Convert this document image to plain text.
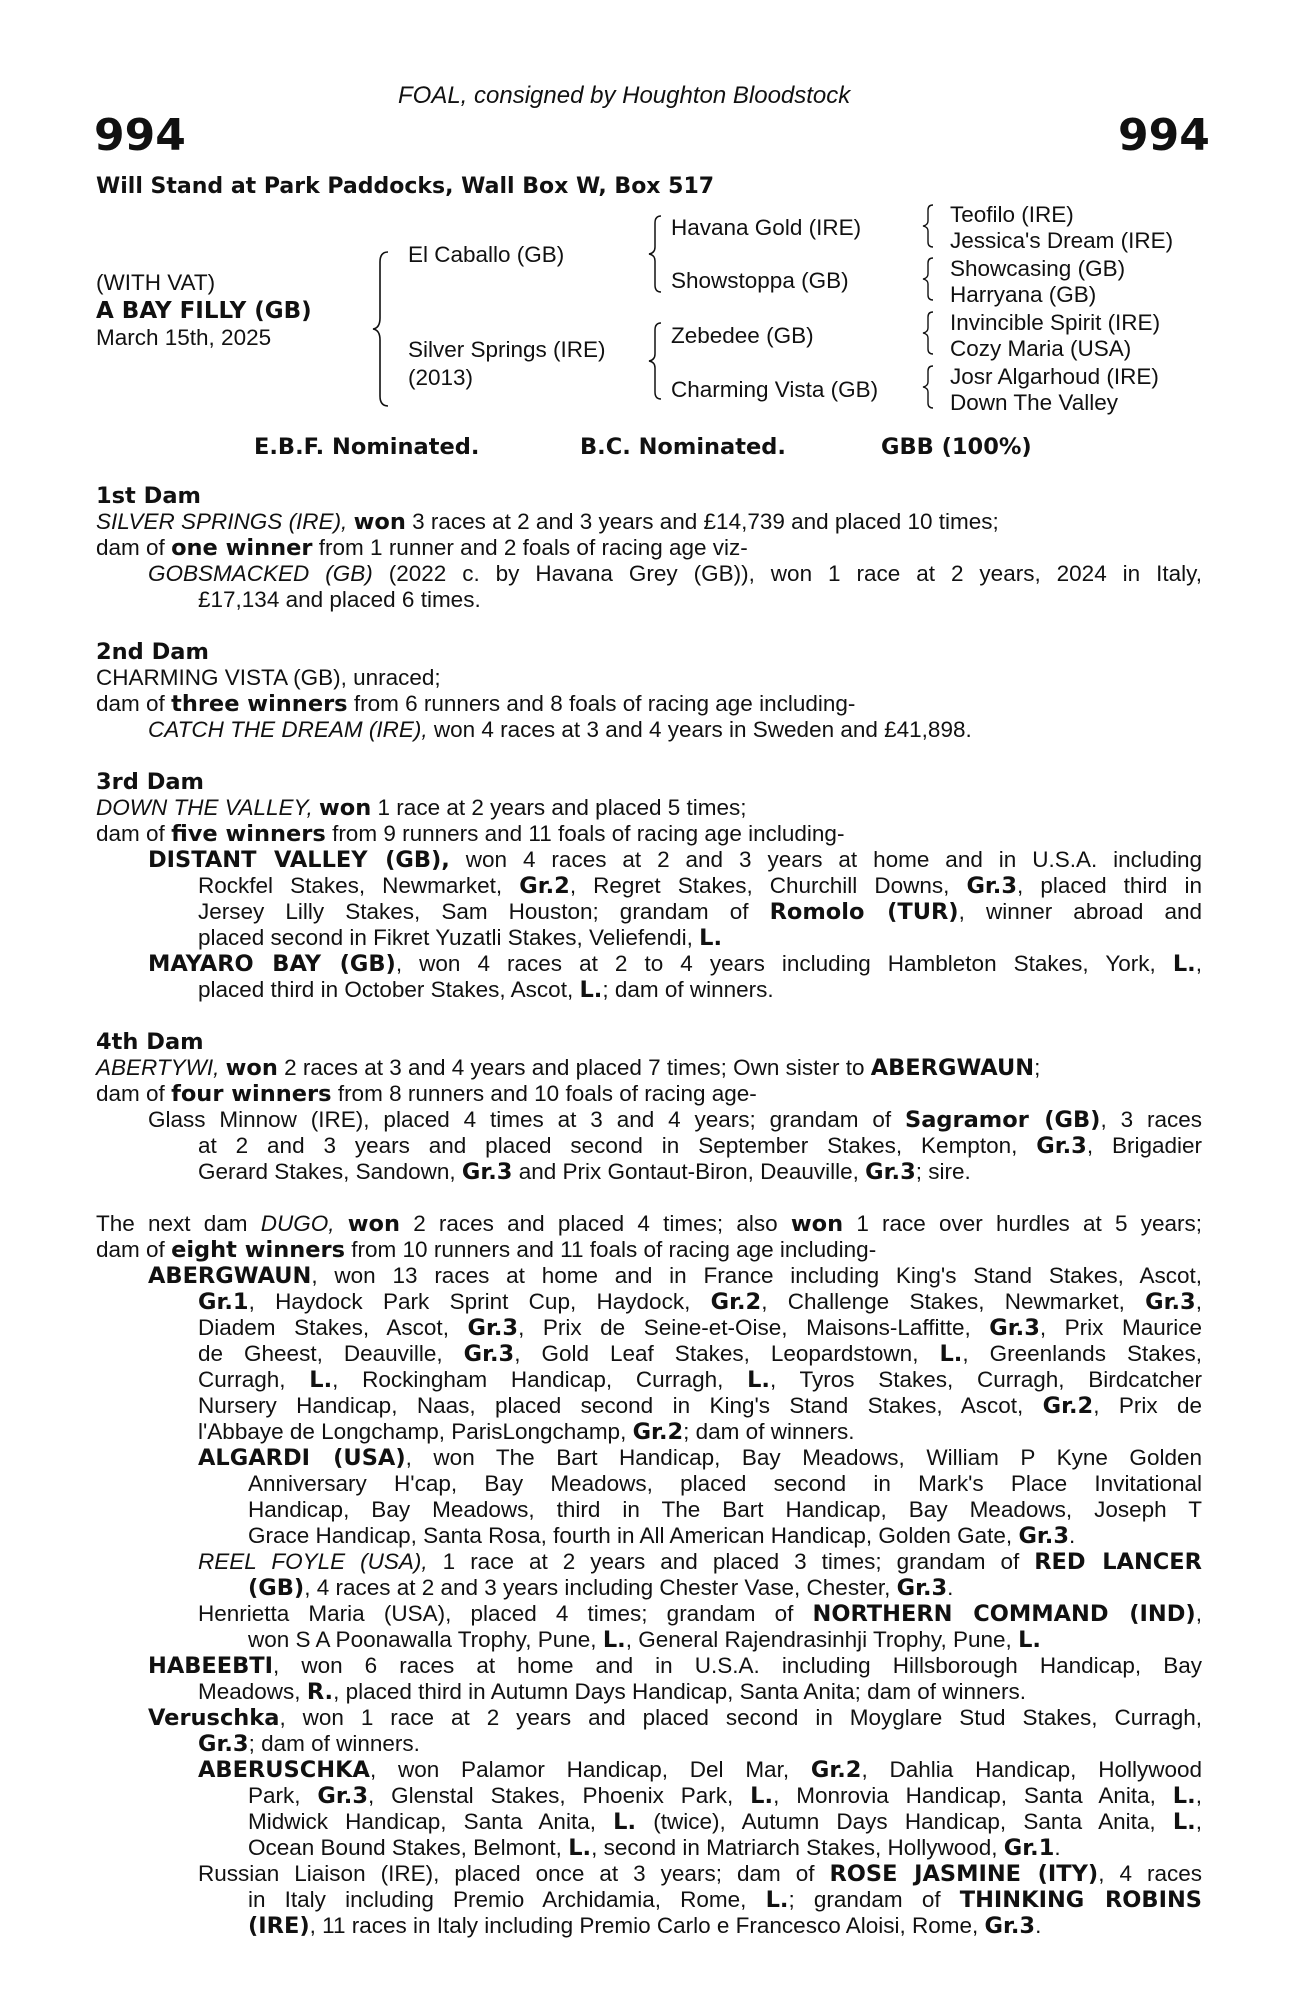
FOAL, consigned by Houghton Bloodstock
994	994
Will Stand at Park Paddocks, Wall Box W, Box 517
(WITH VAT)
A BAY FILLY (GB)
March 15th, 2025
El Caballo (GB)
Silver Springs (IRE)
(2013)
Havana Gold (IRE)
Showstoppa (GB)
Zebedee (GB)
Charming Vista (GB)
Teofilo (IRE)
Jessica's Dream (IRE)
Showcasing (GB)
Harryana (GB)
Invincible Spirit (IRE)
Cozy Maria (USA)
Josr Algarhoud (IRE)
Down The Valley
E.B.F. Nominated.	B.C. Nominated.	GBB (100%)
1st Dam
SILVER SPRINGS (IRE), won 3 races at 2 and 3 years and £14,739 and placed 10 times;
dam of one winner from 1 runner and 2 foals of racing age viz-
GOBSMACKED (GB) (2022 c. by Havana Grey (GB)), won 1 race at 2 years, 2024 in Italy,
£17,134 and placed 6 times.
2nd Dam
CHARMING VISTA (GB), unraced;
dam of three winners from 6 runners and 8 foals of racing age including-
CATCH THE DREAM (IRE), won 4 races at 3 and 4 years in Sweden and £41,898.
3rd Dam
DOWN THE VALLEY, won 1 race at 2 years and placed 5 times;
dam of five winners from 9 runners and 11 foals of racing age including-
DISTANT VALLEY (GB), won 4 races at 2 and 3 years at home and in U.S.A. including
Rockfel Stakes, Newmarket, Gr.2, Regret Stakes, Churchill Downs, Gr.3, placed third in
Jersey Lilly Stakes, Sam Houston; grandam of Romolo (TUR), winner abroad and
placed second in Fikret Yuzatli Stakes, Veliefendi, L.
MAYARO BAY (GB), won 4 races at 2 to 4 years including Hambleton Stakes, York, L.,
placed third in October Stakes, Ascot, L.; dam of winners.
4th Dam
ABERTYWI, won 2 races at 3 and 4 years and placed 7 times; Own sister to ABERGWAUN;
dam of four winners from 8 runners and 10 foals of racing age-
Glass Minnow (IRE), placed 4 times at 3 and 4 years; grandam of Sagramor (GB), 3 races
at 2 and 3 years and placed second in September Stakes, Kempton, Gr.3, Brigadier
Gerard Stakes, Sandown, Gr.3 and Prix Gontaut-Biron, Deauville, Gr.3; sire.
The next dam DUGO, won 2 races and placed 4 times; also won 1 race over hurdles at 5 years;
dam of eight winners from 10 runners and 11 foals of racing age including-
ABERGWAUN, won 13 races at home and in France including King's Stand Stakes, Ascot,
Gr.1, Haydock Park Sprint Cup, Haydock, Gr.2, Challenge Stakes, Newmarket, Gr.3,
Diadem Stakes, Ascot, Gr.3, Prix de Seine-et-Oise, Maisons-Laffitte, Gr.3, Prix Maurice
de Gheest, Deauville, Gr.3, Gold Leaf Stakes, Leopardstown, L., Greenlands Stakes,
Curragh, L., Rockingham Handicap, Curragh, L., Tyros Stakes, Curragh, Birdcatcher
Nursery Handicap, Naas, placed second in King's Stand Stakes, Ascot, Gr.2, Prix de
l'Abbaye de Longchamp, ParisLongchamp, Gr.2; dam of winners.
ALGARDI (USA), won The Bart Handicap, Bay Meadows, William P Kyne Golden
Anniversary H'cap, Bay Meadows, placed second in Mark's Place Invitational
Handicap, Bay Meadows, third in The Bart Handicap, Bay Meadows, Joseph T
Grace Handicap, Santa Rosa, fourth in All American Handicap, Golden Gate, Gr.3.
REEL FOYLE (USA), 1 race at 2 years and placed 3 times; grandam of RED LANCER
(GB), 4 races at 2 and 3 years including Chester Vase, Chester, Gr.3.
Henrietta Maria (USA), placed 4 times; grandam of NORTHERN COMMAND (IND),
won S A Poonawalla Trophy, Pune, L., General Rajendrasinhji Trophy, Pune, L.
HABEEBTI, won 6 races at home and in U.S.A. including Hillsborough Handicap, Bay
Meadows, R., placed third in Autumn Days Handicap, Santa Anita; dam of winners.
Veruschka, won 1 race at 2 years and placed second in Moyglare Stud Stakes, Curragh,
Gr.3; dam of winners.
ABERUSCHKA, won Palamor Handicap, Del Mar, Gr.2, Dahlia Handicap, Hollywood
Park, Gr.3, Glenstal Stakes, Phoenix Park, L., Monrovia Handicap, Santa Anita, L.,
Midwick Handicap, Santa Anita, L. (twice), Autumn Days Handicap, Santa Anita, L.,
Ocean Bound Stakes, Belmont, L., second in Matriarch Stakes, Hollywood, Gr.1.
Russian Liaison (IRE), placed once at 3 years; dam of ROSE JASMINE (ITY), 4 races
in Italy including Premio Archidamia, Rome, L.; grandam of THINKING ROBINS
(IRE), 11 races in Italy including Premio Carlo e Francesco Aloisi, Rome, Gr.3.
